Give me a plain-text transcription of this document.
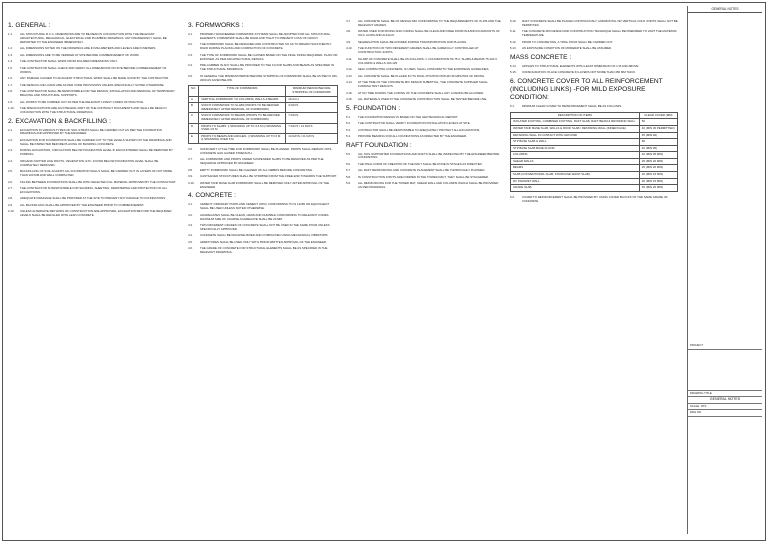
1. GENERAL :
1.1.	ALL STRUCTURAL R.C.C. DIMENSIONS ARE TO BE READ IN CONJUNCTION WITH THE RELEVANT ARCHITECTURAL, MECHANICAL, ELECTRICAL AND PLUMBING DRAWINGS. ANY DISCREPANCY SHALL BE REPORTED TO THE ENGINEER IMMEDIATELY.
1.2.	ALL DIMENSIONS NOTED ON THE DRAWINGS ARE IN MILLIMETERS AND LEVELS ARE IN METERS.
1.3.	ALL DIMENSIONS ARE TO BE VERIFIED AT SITE BEFORE COMMENCEMENT OF WORK.
1.4.	THE CONTRACTOR SHALL WORK FROM FIGURED DIMENSIONS ONLY.
1.5.	THE CONTRACTOR SHALL CHECK AND VERIFY ALL DIMENSIONS ON SITE BEFORE COMMENCEMENT OF WORKS.
1.6.	ANY DAMAGE CAUSED TO ADJACENT STRUCTURAL WORK SHALL BE MADE GOOD BY THE CONTRACTOR.
1.7.	THE DESIGN LIVE LOADS ARE AS PER CODE PROVISIONS UNLESS SPECIFICALLY NOTED OTHERWISE.
1.8.	THE CONTRACTOR SHALL BE RESPONSIBLE FOR THE DESIGN, INSTALLATION AND REMOVAL OF TEMPORARY BRACING AND STRUCTURAL SUPPORTS.
1.9.	ALL WORKS TO BE CARRIED OUT AS PER THE RELEVANT LATEST CODES OF PRACTICE.
1.10.	THE SPECIFICATIONS ARE AN INTEGRAL PART OF THE CONTRACT DOCUMENTS AND SHALL BE READ IN CONJUNCTION WITH THE STRUCTURAL DRAWINGS.
2. EXCAVATION & BACKFILLING :
2.1.	EXCAVATION IN VARIOUS TYPES OF SOIL STRATA SHALL BE CARRIED OUT AS PER THE FOUNDATION DRAWINGS AND APPROVED BY THE ENGINEER.
2.2.	EXCAVATION FOR FOUNDATIONS SHALL BE CARRIED OUT TO THE LEVELS SHOWN ON THE DRAWINGS AND SHALL BE INSPECTED BEFORE PLACING OF BLINDING CONCRETE.
2.3.	DURING EXCAVATION, CIRCULATION BELOW FOUNDATION LEVEL IF ENCOUNTERED SHALL BE REMOVED BY PUMPING.
2.4.	ORGANIC MATTER LIKE ROOTS, VEGETATION, ETC. FOUND BELOW FOUNDATION LEVEL SHALL BE COMPLETELY REMOVED.
2.5.	BACKFILLING OF SOIL AGAINST ALL FOUNDATION WALLS SHALL BE CARRIED OUT IN LAYERS OF NOT MORE THAN 200 MM AND WELL COMPACTED.
2.6.	FILLING BETWEEN FOUNDATIONS SHALL BE WITH SELECTED FILL MATERIAL APPROVED BY THE CONSULTANT.
2.7.	THE CONTRACTOR IS RESPONSIBLE FOR SHORING, SHEETING, DEWATERING AND PROTECTION OF ALL EXCAVATIONS.
2.8.	ADEQUATE DRAINAGE SHALL BE PROVIDED AT THE SITE TO PREVENT ANY DAMAGE TO FOUNDATIONS.
2.9.	ALL BACKFILLING SHALL BE APPROVED BY THE ENGINEER PRIOR TO COMMENCEMENT.
2.10.	UNLESS ALTERNATE METHODS OF CONSTRUCTION ARE APPROVED, EXCAVATION BEYOND THE REQUIRED LEVELS SHALL BE REFILLED WITH LEAN CONCRETE.
3. FORMWORKS :
3.1.	PROPERLY ENGINEERED FORMWORK SYSTEMS SHALL BE ADOPTED FOR ALL STRUCTURAL ELEMENTS. FORMWORK SHALL BE RIGID AND TIGHT TO PREVENT LOSS OF GROUT.
3.2.	THE FORMWORK SHALL BE DESIGNED AND CONSTRUCTED SO AS TO REMAIN SUFFICIENTLY RIGID DURING PLACING AND COMPACTION OF CONCRETE.
3.3.	THE TYPE OF FORMWORK SHALL BE CHOSEN BASED ON THE FINAL FINISH REQUIRED, PLAIN OR EXPOSED, AS PER ARCHITECTURAL DETAILS.
3.4.	PRE-CAMBER IN ANY SHALL BE PROVIDED TO THE FLOOR SLABS AND BEAMS AS SPECIFIED IN THE STRUCTURAL DRAWINGS.
3.5.	IN GENERAL THE MINIMUM PERIOD BEFORE STRIPPING OF FORMWORK SHALL BE AS PER IS 456-2000 AS GIVEN BELOW.
NO.	TYPE OF FORMWORK	MINIMUM PERIOD BEFORE STRIPPING OF FORMWORK
A	VERTICAL FORMWORK TO COLUMNS, WALLS & BEAMS	16-24 H
B	SOFFIT FORMWORK TO SLABS (PROPS TO BE REFIXED IMMEDIATELY AFTER REMOVAL OF FORMWORK)	3 DAYS
C	SOFFIT FORMWORK TO BEAMS (PROPS TO BE REFIXED IMMEDIATELY AFTER REMOVAL OF FORMWORK)	7 DAYS
D	PROPS TO SLABS: i) SPANNING UP TO 4.5 M ii) SPANNING OVER 4.5 M	7 DAYS / 14 DAYS
E	PROPS TO BEAMS AND ARCHES: i) SPANNING UP TO 6 M ii) SPANNING OVER 6 M	14 DAYS / 21 DAYS
3.6.	SUFFICIENT CYCLE TIME FOR FORMWORK SHALL BE PLANNED. PROPS SHALL REMAIN UNTIL CONCRETE HAS GAINED STRENGTH.
3.7.	ALL FORMWORK AND PROPS UNDER SUSPENDED SLABS TO BE REMOVED AS PER THE SEQUENCE APPROVED BY ENGINEER.
3.8.	EMPTY FORMWORK SHALL BE CLEANED OF ALL DEBRIS BEFORE CONCRETING.
3.9.	CANTILEVER STRUCTURES SHALL BE STRIPPED FROM THE FREE END TOWARDS THE SUPPORT.
3.10.	WATER TANK BASE SLAB FORMWORK SHALL BE REMOVED ONLY AFTER APPROVAL OF THE ENGINEER.
4. CONCRETE :
4.1.	CEMENT: ORDINARY PORTLAND CEMENT (OPC) CONFORMING TO IS 12269 OR EQUIVALENT SHALL BE USED UNLESS NOTED OTHERWISE.
4.2.	AGGREGATES SHALL BE CLEAN, HARD AND DURABLE CONFORMING TO RELEVANT CODES. MAXIMUM SIZE OF COARSE AGGREGATE SHALL BE 20 MM.
4.3.	TWO DIFFERENT GRADES OF CONCRETE SHALL NOT BE USED IN THE SAME POUR UNLESS SPECIFICALLY APPROVED.
4.4.	CONCRETE SHALL BE MACHINE MIXED AND COMPACTED USING MECHANICAL VIBRATORS.
4.5.	ADMIXTURES SHALL BE USED ONLY WITH PRIOR WRITTEN APPROVAL OF THE ENGINEER.
4.6.	THE GRADE OF CONCRETE FOR STRUCTURAL ELEMENTS SHALL BE AS SPECIFIED IN THE RELEVANT DRAWINGS.
4.7.	ALL CONCRETE SHALL BE OF DESIGN MIX CONFORMING TO THE REQUIREMENTS OF IS 456 AND THE RELEVANT GRADES.
4.8.	WATER USED FOR MIXING AND CURING SHALL BE CLEAN AND FREE FROM INJURIOUS AMOUNTS OF OILS, ACIDS AND ALKALIS.
4.9.	SEGREGATION SHALL BE AVOIDED DURING TRANSPORTATION AND PLACING.
4.10.	THE FUNCTION OF TWO DIFFERENT GRADES SHALL BE CAREFULLY CONTROLLED AT CONSTRUCTION JOINTS.
4.11.	SLUMP OF CONCRETE SHALL BE AS FOLLOWS: 1. FOUNDATIONS 50-75 2. SLABS & BEAMS 75-100 3. COLUMNS & WALLS 100-125.
4.12.	SELF COMPACTING CONCRETE, IF USED, SHALL CONFORM TO THE EUROPEAN GUIDELINES.
4.13.	ALL CONCRETE SHALL BE PLACED IN ITS FINAL POSITION WITHIN 30 MINUTES OF MIXING.
4.14.	AT THE TIME OF THE CONCRETE MIX DESIGN SUBMITTAL, THE CONCRETE SUPPLIER SHALL FURNISH TEST RESULTS.
4.15.	AT NO TIME DURING THE CURING OF THE CONCRETE SHALL ANY LOADING BE ALLOWED.
4.16.	ALL MATERIALS USED IN THE CONCRETE CONSTRUCTION SHALL BE TESTED BEFORE USE.
5. FOUNDATION :
5.1.	THE FOUNDATION DESIGN IS BASED ON THE GEOTECHNICAL REPORT.
5.2.	THE CONTRACTOR SHALL VERIFY FOUNDATION INSTALLATION LEVELS AT SITE.
5.3.	CONTRACTOR SHALL BE RESPONSIBLE TO ADEQUATELY PROTECT ALL EXCAVATIONS.
5.4.	PROVIDE BEARING FOR ALL FOUNDATIONS AS DIRECTED BY THE ENGINEER.
RAFT FOUNDATION :
5.5.	ALL SOIL SUPPORTED FOUNDATIONS AND RAFTS SHALL BE INSPECTED BY THE ENGINEER BEFORE CONCRETING.
5.6.	THE FINAL FORM OF CREATION OF THE RAFT SHALL BE DONE IN STAGES AS DIRECTED.
5.7.	ALL RAFT REINFORCING AND CONCRETE PLACEMENT SHALL BE THOROUGHLY PLANNED.
5.8.	IN CONSTRUCTION JOINTS ARE FORMED IN THE TOWER RAFT, THEY SHALL BE STAGGERED.
5.9.	ALL REINFORCING FOR THE TOWER MAT, SHEAR WALL AND COLUMNS WHICH SHALL BE PROVIDED AS PER DRAWINGS.
5.10.	RAFT CONCRETE SHALL BE PLACED CONTINUOUSLY, HORIZONTAL OR VERTICAL COLD JOINTS SHALL NOT BE PERMITTED.
5.11.	THE CONCRETE MIX DESIGN AND CONSTRUCTION TECHNIQUE SHALL BE PREPARED TO LIMIT THE MAXIMUM TEMPERATURE.
5.12.	PRIOR TO CONCRETING, A TRIAL POUR SHALL BE CARRIED OUT.
5.13.	AN EXPOSURE CONDITION OF MODERATE SHALL BE ASSUMED.
MASS CONCRETE :
5.14.	APPLIES TO STRUCTURAL ELEMENTS WITH LEAST DIMENSION OF 1 M AND ABOVE.
5.15.	CONSOLIDATION: PLACE CONCRETE IN LAYERS NOT MORE THAN 450 MM THICK.
6. CONCRETE COVER TO ALL REINFORCEMENT (INCLUDING LINKS) -FOR MILD EXPOSURE CONDITION:
6.1.	MINIMUM CLEAR COVER TO REINFORCEMENT SHALL BE AS FOLLOWS.
DESCRIPTION OF ITEMS	CLEAR COVER (MM)
ISOLATED FOOTING, COMBINED FOOTING, RAFT SLAB, RAFT BEAM & RETAINING WALL	50
WATER TANK BASE SLAB, WALLS & ROOF SLAB / RETAINING WALL (INNER FACE)	40 (MIN 30 PERMITTED)
RETAINING WALL IN CONTACT WITH GROUND	45 (MIN 40)
STP BASE SLAB & WALL	50
STP BASE SLAB BASE FLOOR	40 (MIN 35)
COLUMNS	40 (MIN 35 MIN)
SHEAR WALLS	25 (MIN 20 MIN)
BEAMS	25 (MIN 20 MIN)
SLAB (CONVENTIONAL SLAB, STAIRCASE WAIST SLAB)	20 (MIN 15 MIN)
RC PARAPET WALL	20 (MIN 15 MIN)
GRADE SLAB	25 (MIN 20 MIN)
6.2.	COVER TO REINFORCEMENT SHALL BE PROVIDED BY USING COVER BLOCKS OF THE SAME GRADE OF CONCRETE.
GENERAL NOTES
PROJECT
DRAWING TITLE
GENERAL NOTES
SCALE: NTS
DRG NO.
